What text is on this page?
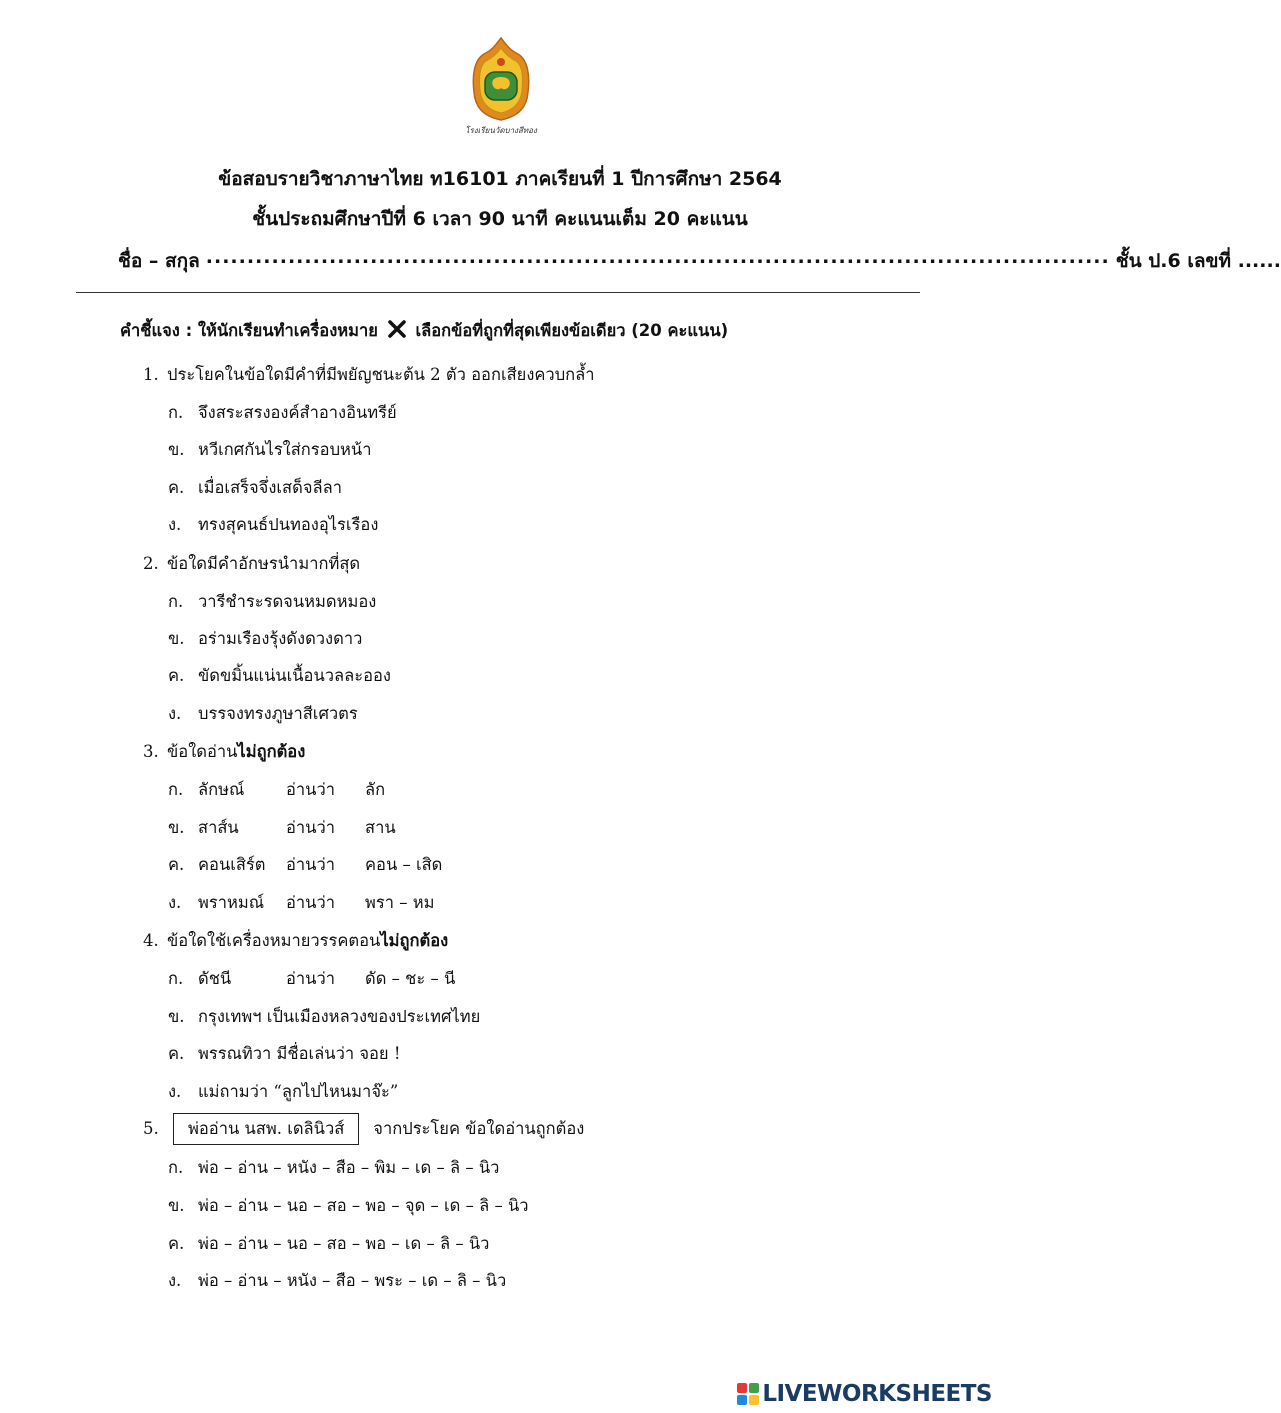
โรงเรียนวัดบางสีทอง
ข้อสอบรายวิชาภาษาไทย ท16101 ภาคเรียนที่ 1 ปีการศึกษา 2564
ชั้นประถมศึกษาปีที่ 6 เวลา 90 นาที คะแนนเต็ม 20 คะแนน
ชื่อ – สกุล .............................................................................................................. ชั้น ป.6 เลขที่ ......
คำชี้แจง : ให้นักเรียนทำเครื่องหมาย เลือกข้อที่ถูกที่สุดเพียงข้อเดียว (20 คะแนน)
1. ประโยคในข้อใดมีคำที่มีพยัญชนะต้น 2 ตัว ออกเสียงควบกล้ำ
ก. จึงสระสรงองค์สำอางอินทรีย์
ข. หวีเกศกันไรใส่กรอบหน้า
ค. เมื่อเสร็จจึ่งเสด็จลีลา
ง. ทรงสุคนธ์ปนทองอุไรเรือง
2. ข้อใดมีคำอักษรนำมากที่สุด
ก. วารีชำระรดจนหมดหมอง
ข. อร่ามเรืองรุ้งดังดวงดาว
ค. ขัดขมิ้นแน่นเนื้อนวลละออง
ง. บรรจงทรงภูษาสีเศวตร
3. ข้อใดอ่านไม่ถูกต้อง
ก. ลักษณ์	อ่านว่า ลัก
ข. สาส์น	อ่านว่า สาน
ค. คอนเสิร์ต อ่านว่า คอน – เสิด
ง. พราหมณ์ อ่านว่า พรา – หม
4. ข้อใดใช้เครื่องหมายวรรคตอนไม่ถูกต้อง
ก. ดัชนี	อ่านว่า ดัด – ชะ – นี
ข. กรุงเทพฯ เป็นเมืองหลวงของประเทศไทย
ค. พรรณทิวา มีชื่อเล่นว่า จอย !
ง. แม่ถามว่า “ลูกไปไหนมาจ๊ะ”
5. พ่ออ่าน นสพ. เดลินิวส์ จากประโยค ข้อใดอ่านถูกต้อง
ก. พ่อ – อ่าน – หนัง – สือ – พิม – เด – ลิ – นิว
ข. พ่อ – อ่าน – นอ – สอ – พอ – จุด – เด – ลิ – นิว
ค. พ่อ – อ่าน – นอ – สอ – พอ – เด – ลิ – นิว
ง. พ่อ – อ่าน – หนัง – สือ – พระ – เด – ลิ – นิว
LIVEWORKSHEETS
